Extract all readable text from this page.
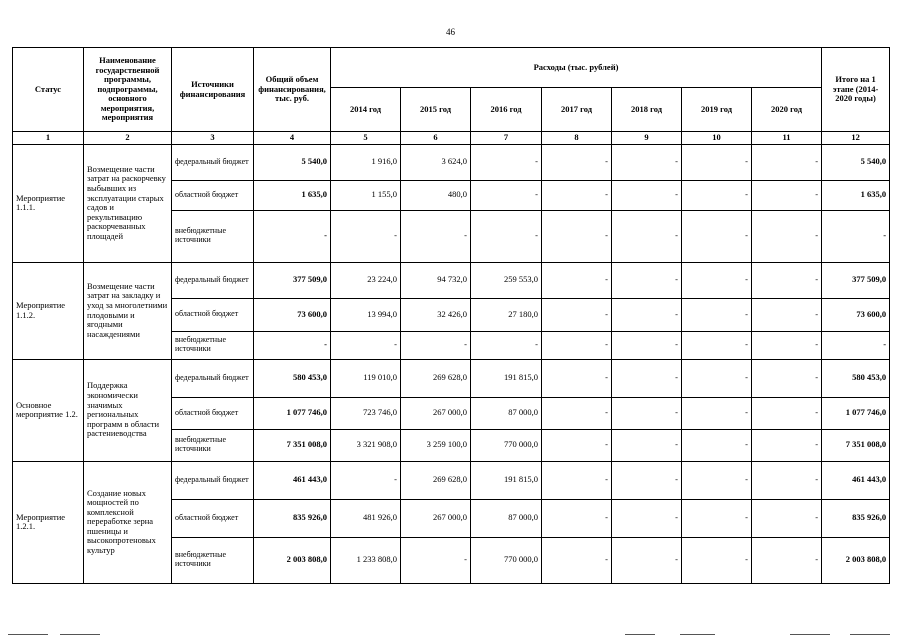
46
Статус	Наименование государственной программы, подпрограммы, основного мероприятия, мероприятия	Источники финансирования	Общий объем финансирования, тыс. руб.	Расходы (тыс. рублей)							Итого на 1 этапе (2014-2020 годы)
				2014 год	2015 год	2016 год	2017 год	2018 год	2019 год	2020 год	
1	2	3	4	5	6	7	8	9	10	11	12
Мероприятие 1.1.1.	Возмещение части затрат на раскорчевку выбывших из эксплуатации старых садов и рекультивацию раскорчеванных площадей	федеральный бюджет	5 540,0	1 916,0	3 624,0	-	-	-	-	-	5 540,0
		областной бюджет	1 635,0	1 155,0	480,0	-	-	-	-	-	1 635,0
		внебюджетные источники	-	-	-	-	-	-	-	-	-
Мероприятие 1.1.2.	Возмещение части затрат на закладку и уход за многолетними плодовыми и ягодными насаждениями	федеральный бюджет	377 509,0	23 224,0	94 732,0	259 553,0	-	-	-	-	377 509,0
		областной бюджет	73 600,0	13 994,0	32 426,0	27 180,0	-	-	-	-	73 600,0
		внебюджетные источники	-	-	-	-	-	-	-	-	-
Основное мероприятие 1.2.	Поддержка экономически значимых региональных программ в области растениеводства	федеральный бюджет	580 453,0	119 010,0	269 628,0	191 815,0	-	-	-	-	580 453,0
		областной бюджет	1 077 746,0	723 746,0	267 000,0	87 000,0	-	-	-	-	1 077 746,0
		внебюджетные источники	7 351 008,0	3 321 908,0	3 259 100,0	770 000,0	-	-	-	-	7 351 008,0
Мероприятие 1.2.1.	Создание новых мощностей по комплексной переработке зерна пшеницы и высокопротеновых культур	федеральный бюджет	461 443,0	-	269 628,0	191 815,0	-	-	-	-	461 443,0
		областной бюджет	835 926,0	481 926,0	267 000,0	87 000,0	-	-	-	-	835 926,0
		внебюджетные источники	2 003 808,0	1 233 808,0	-	770 000,0	-	-	-	-	2 003 808,0
